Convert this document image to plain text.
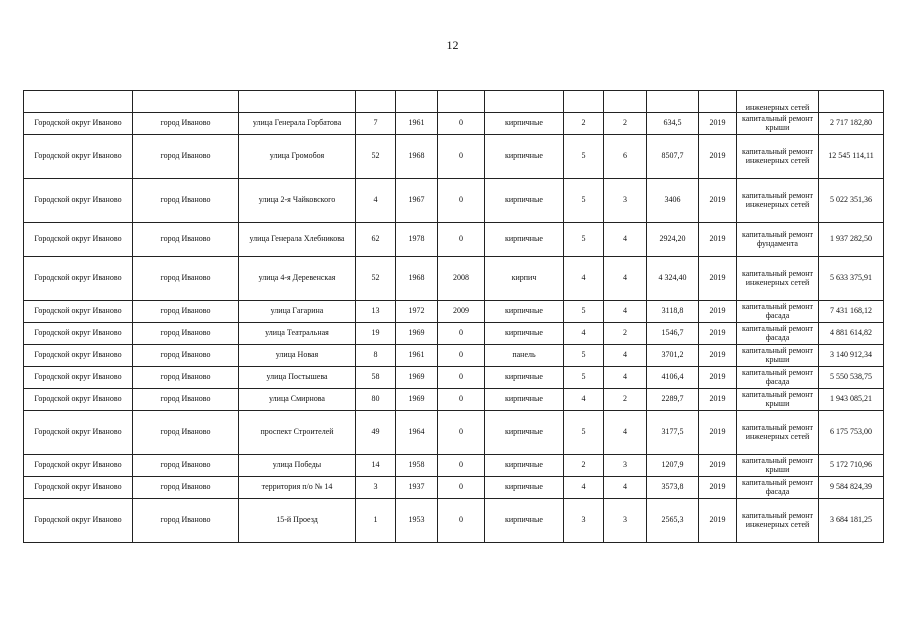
12
											инженерных сетей	
Городской округ Иваново	город Иваново	улица Генерала Горбатова	7	1961	0	кирпичные	2	2	634,5	2019	капитальный ремонт крыши	2 717 182,80
Городской округ Иваново	город Иваново	улица Громобоя	52	1968	0	кирпичные	5	6	8507,7	2019	капитальный ремонт инженерных сетей	12 545 114,11
Городской округ Иваново	город Иваново	улица 2-я Чайковского	4	1967	0	кирпичные	5	3	3406	2019	капитальный ремонт инженерных сетей	5 022 351,36
Городской округ Иваново	город Иваново	улица Генерала Хлебникова	62	1978	0	кирпичные	5	4	2924,20	2019	капитальный ремонт фундамента	1 937 282,50
Городской округ Иваново	город Иваново	улица 4-я Деревенская	52	1968	2008	кирпич	4	4	4 324,40	2019	капитальный ремонт инженерных сетей	5 633 375,91
Городской округ Иваново	город Иваново	улица Гагарина	13	1972	2009	кирпичные	5	4	3118,8	2019	капитальный ремонт фасада	7 431 168,12
Городской округ Иваново	город Иваново	улица Театральная	19	1969	0	кирпичные	4	2	1546,7	2019	капитальный ремонт фасада	4 881 614,82
Городской округ Иваново	город Иваново	улица Новая	8	1961	0	панель	5	4	3701,2	2019	капитальный ремонт крыши	3 140 912,34
Городской округ Иваново	город Иваново	улица Постышева	58	1969	0	кирпичные	5	4	4106,4	2019	капитальный ремонт фасада	5 550 538,75
Городской округ Иваново	город Иваново	улица Смирнова	80	1969	0	кирпичные	4	2	2289,7	2019	капитальный ремонт крыши	1 943 085,21
Городской округ Иваново	город Иваново	проспект Строителей	49	1964	0	кирпичные	5	4	3177,5	2019	капитальный ремонт инженерных сетей	6 175 753,00
Городской округ Иваново	город Иваново	улица Победы	14	1958	0	кирпичные	2	3	1207,9	2019	капитальный ремонт крыши	5 172 710,96
Городской округ Иваново	город Иваново	территория п/о № 14	3	1937	0	кирпичные	4	4	3573,8	2019	капитальный ремонт фасада	9 584 824,39
Городской округ Иваново	город Иваново	15-й Проезд	1	1953	0	кирпичные	3	3	2565,3	2019	капитальный ремонт инженерных сетей	3 684 181,25
